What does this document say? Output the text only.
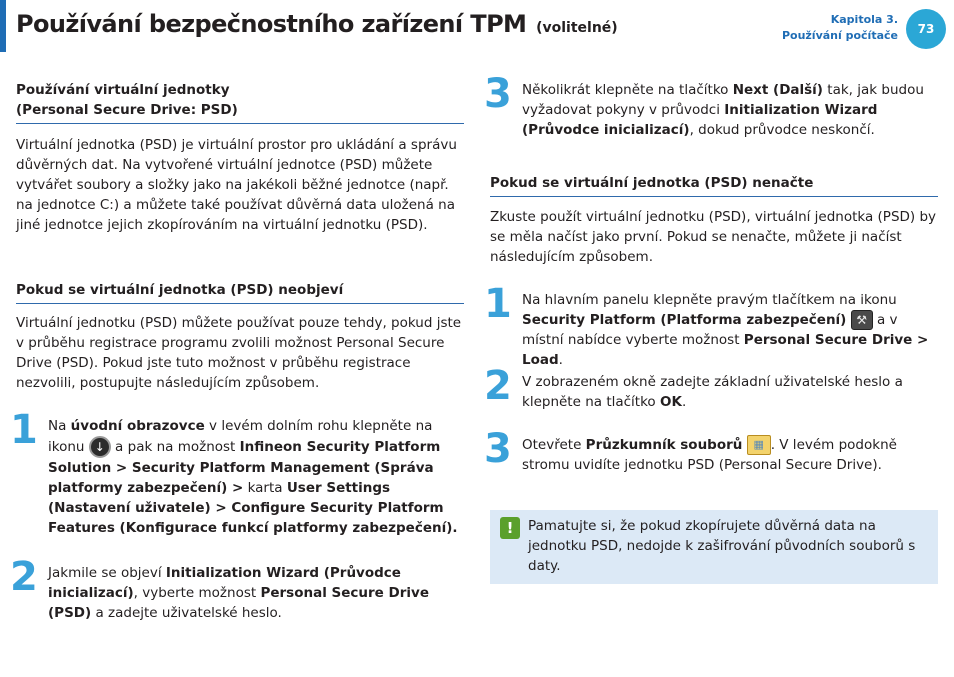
Používání bezpečnostního zařízení TPM (volitelné)
Kapitola 3.
Používání počítače	73
Používání virtuální jednotky
(Personal Secure Drive: PSD)

Virtuální jednotka (PSD) je virtuální prostor pro ukládání a správu důvěrných dat. Na vytvořené virtuální jednotce (PSD) můžete vytvářet soubory a složky jako na jakékoli běžné jednotce (např. na jednotce C:) a můžete také používat důvěrná data uložená na jiné jednotce jejich zkopírováním na virtuální jednotku (PSD).

Pokud se virtuální jednotka (PSD) neobjeví

Virtuální jednotku (PSD) můžete používat pouze tehdy, pokud jste v průběhu registrace programu zvolili možnost Personal Secure Drive (PSD). Pokud jste tuto možnost v průběhu registrace nezvolili, postupujte následujícím způsobem.

1 Na úvodní obrazovce v levém dolním rohu klepněte na ikonu ↓ a pak na možnost Infineon Security Platform Solution > Security Platform Management (Správa platformy zabezpečení) > karta User Settings (Nastavení uživatele) > Configure Security Platform Features (Konfigurace funkcí platformy zabezpečení).
2 Jakmile se objeví Initialization Wizard (Průvodce inicializací), vyberte možnost Personal Secure Drive (PSD) a zadejte uživatelské heslo.
3 Několikrát klepněte na tlačítko Next (Další) tak, jak budou vyžadovat pokyny v průvodci Initialization Wizard (Průvodce inicializací), dokud průvodce neskončí.
Pokud se virtuální jednotka (PSD) nenačte

Zkuste použít virtuální jednotku (PSD), virtuální jednotka (PSD) by se měla načíst jako první. Pokud se nenačte, můžete ji načíst následujícím způsobem.

1 Na hlavním panelu klepněte pravým tlačítkem na ikonu Security Platform (Platforma zabezpečení) ⚒ a v místní nabídce vyberte možnost Personal Secure Drive > Load.
2 V zobrazeném okně zadejte základní uživatelské heslo a klepněte na tlačítko OK.
3 Otevřete Průzkumník souborů ▦ . V levém podokně stromu uvidíte jednotku PSD (Personal Secure Drive).
!	Pamatujte si, že pokud zkopírujete důvěrná data na jednotku PSD, nedojde k zašifrování původních souborů s daty.
